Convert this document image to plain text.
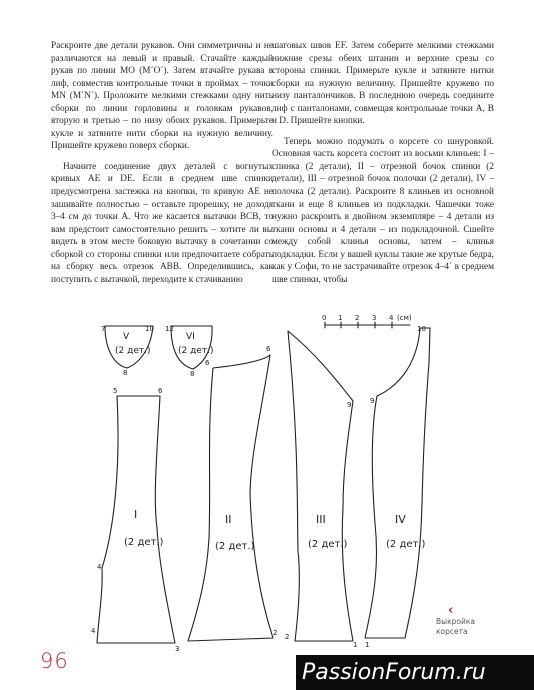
Раскроите две детали рукавов. Они симметричны и не различаются на левый и правый. Стачайте каждый рукав по линии MO (M´O´). Затем втачайте рукава в лиф, совместив контрольные точки в проймах – точки MN (M´N´). Проложите мелкими стежками одну нить сборки по линии горловины и головкам рукавов, вторую и третью – по низу обоих рукавов. Примерьте кукле и затяните нити сборки на нужную величину. Пришейте кружево поверх сборки.

Начните соединение двух деталей с вогнутых кривых AE и DE. Если в среднем шве спинки предусмотрена застежка на кнопки, то кривую AE не зашивайте полностью – оставьте прорешку, не доходя 3–4 см до точки А. Что же касается вытачки BCB, то вам предстоит самостоятельно решить – хотите ли вы видеть в этом месте боковую вытачку в сочетании со сборкой со стороны спинки или предпочитаете собрать на сборку весь отрезок ABB. Определившись, как поступить с вытачкой, переходите к стачиванию

шаговых швов EF. Затем соберите мелкими стежками нижние срезы обеих штанин и верхние срезы со стороны спинки. Примерьте кукле и затяните нитки сборки на нужную величину. Пришейте кружево по низу панталончиков. В последнюю очередь соедините лиф с панталонами, совмещая контрольные точки A, B и D. Пришейте кнопки.

Теперь можно подумать о корсете со шнуровкой. Основная часть корсета состоит из восьми клиньев: I – спинка (2 детали), II – отрезной бочок спинки (2 детали), III – отрезной бочок полочки (2 детали), IV – полочка (2 детали). Раскроите 8 клиньев из основной ткани и еще 8 клиньев из подкладки. Чашечки тоже нужно раскроить в двойном экземпляре – 4 детали из ткани основы и 4 детали – из подкладочной. Сшейте между собой клинья основы, затем – клинья подкладки. Если у вашей куклы такие же крутые бедра, как у Софи, то не застрачивайте отрезок 4–4´ в среднем шве спинки, чтобы

V
(2 дет.)
VI
(2 дет.)
I
(2 дет.)
II
(2 дет.)
III
(2 дет.)
IV
(2 дет.)
0 1 2 3 4 (см)
7	10
8
12
8
5	6
4
4
3
6
6
2 2
9
1
9
10
1
96
‹
Выкройка
корсета
PassionForum.ru
